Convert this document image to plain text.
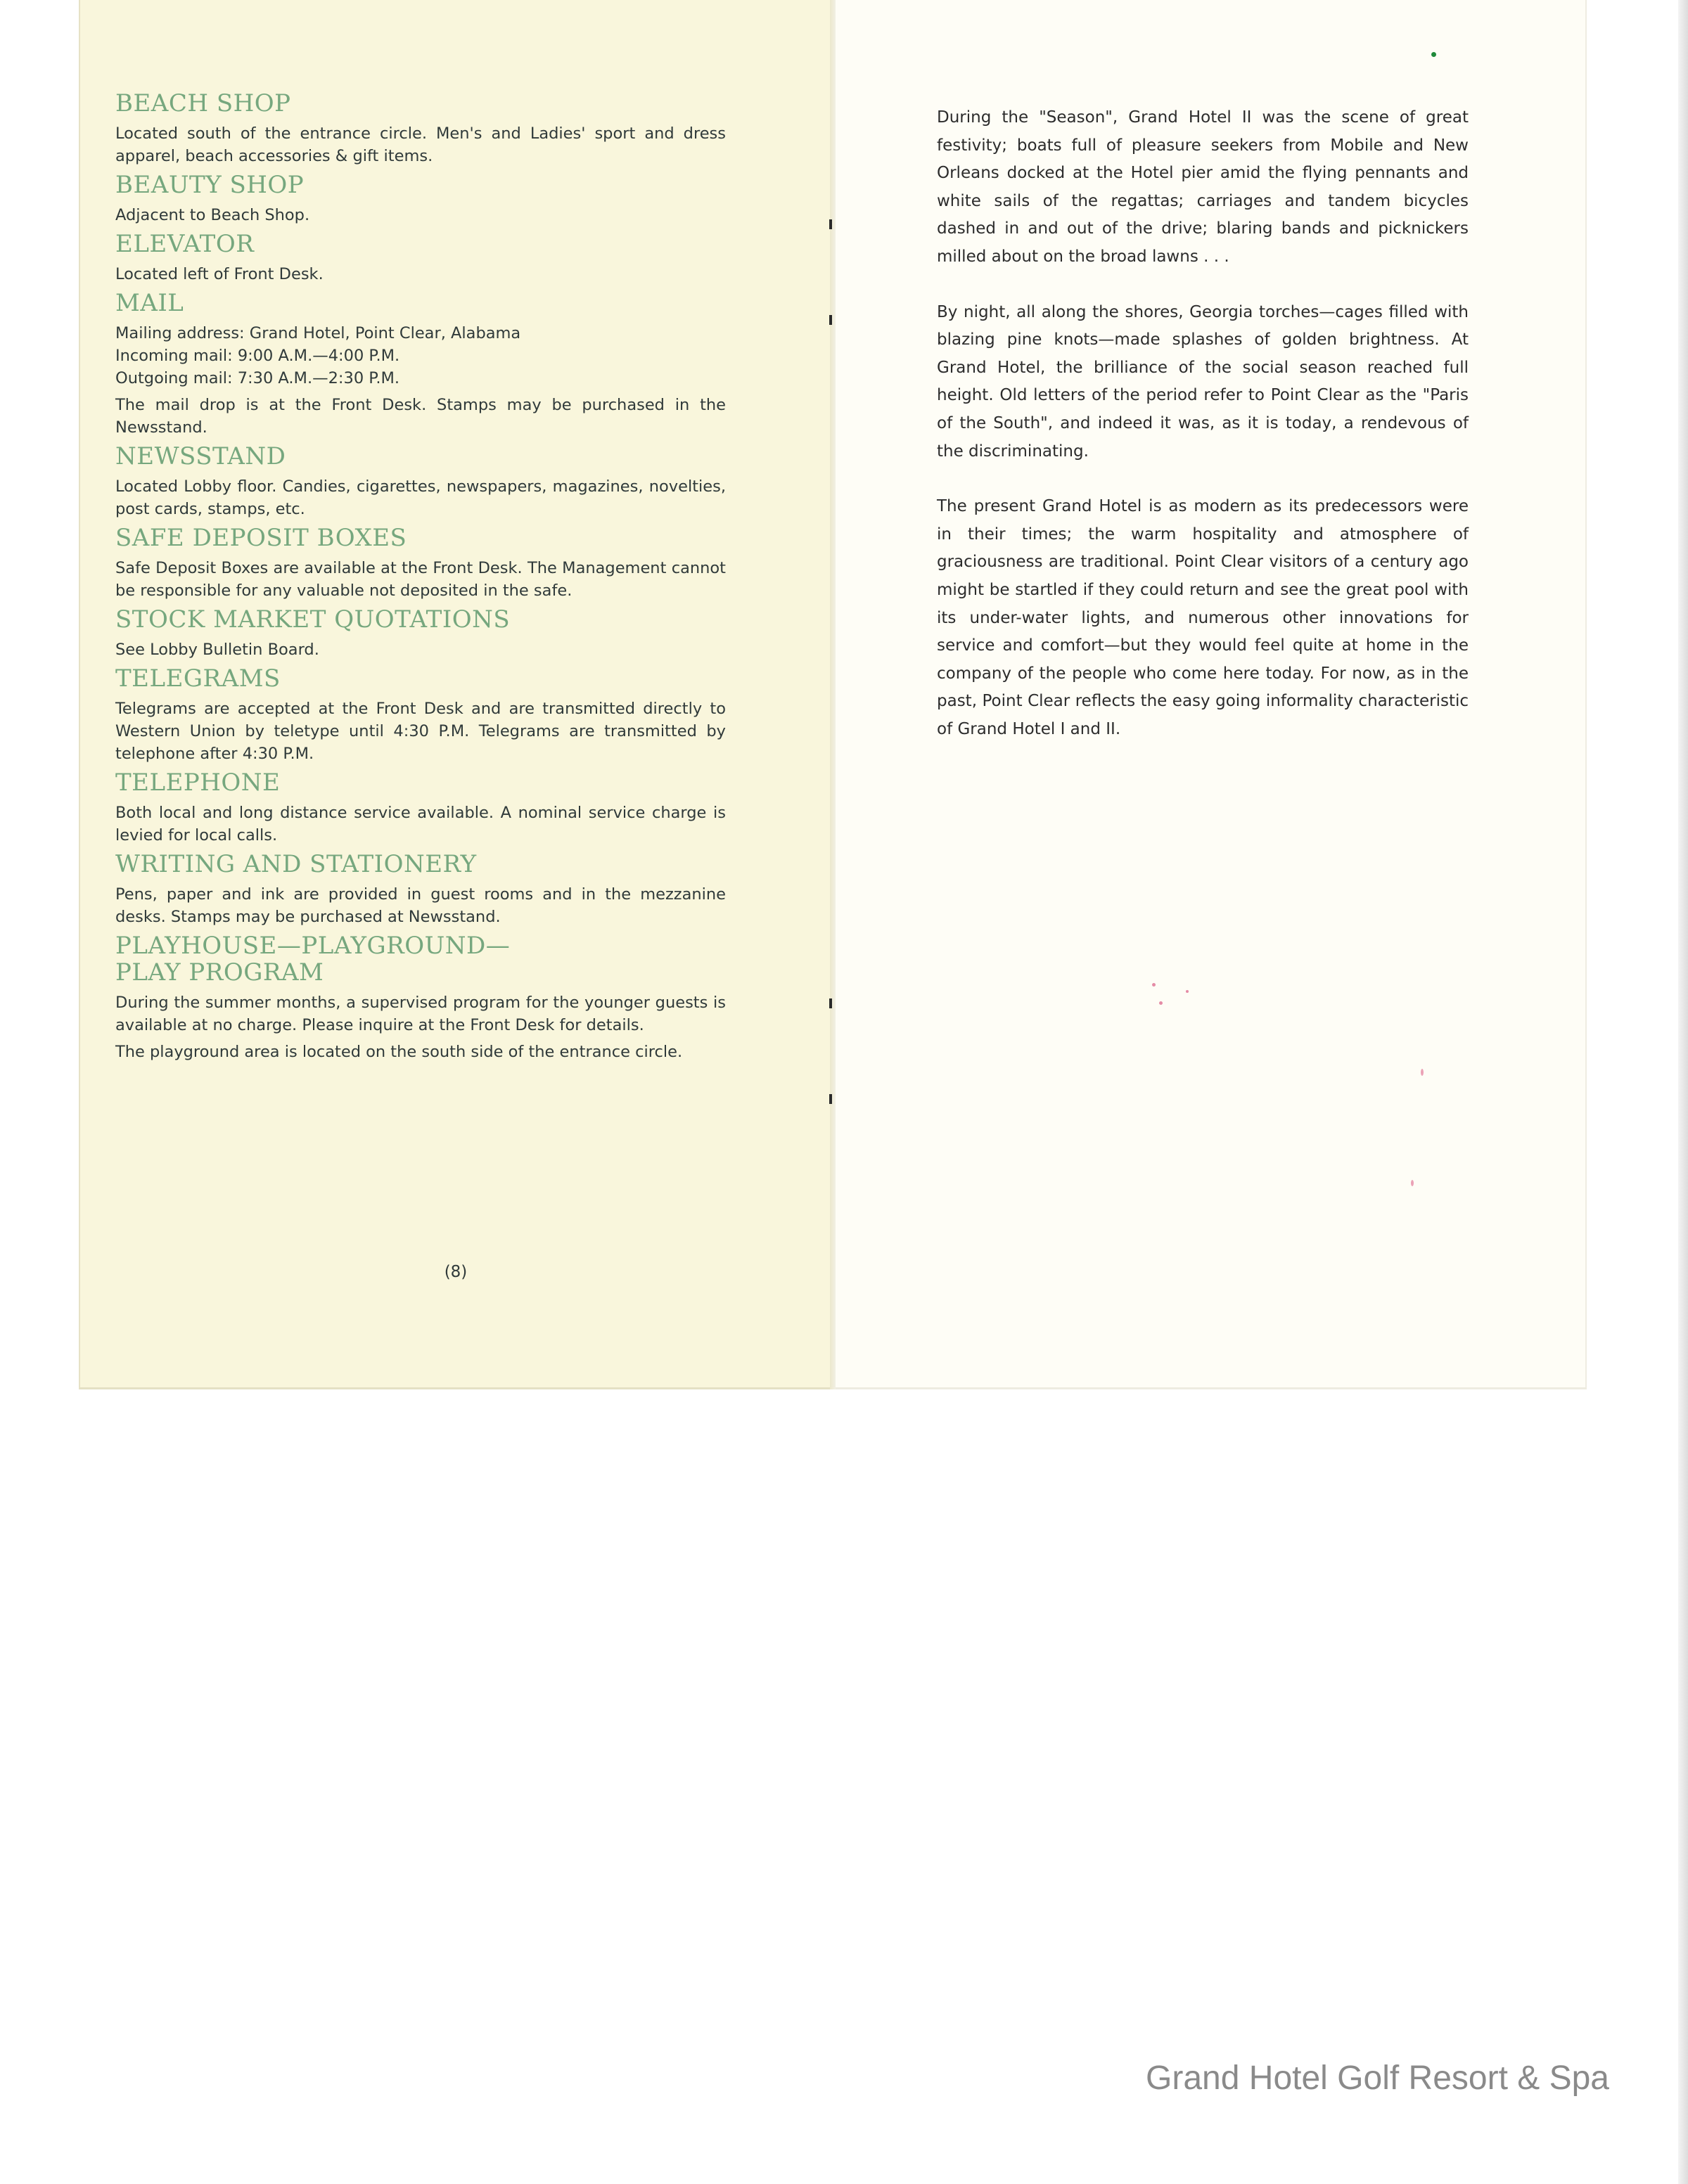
BEACH SHOP
Located south of the entrance circle. Men's and Ladies' sport and dress apparel, beach accessories & gift items.
BEAUTY SHOP
Adjacent to Beach Shop.
ELEVATOR
Located left of Front Desk.
MAIL
Mailing address: Grand Hotel, Point Clear, Alabama
Incoming mail: 9:00 A.M.—4:00 P.M.
Outgoing mail: 7:30 A.M.—2:30 P.M.
The mail drop is at the Front Desk. Stamps may be purchased in the Newsstand.
NEWSSTAND
Located Lobby floor. Candies, cigarettes, newspapers, magazines, novelties, post cards, stamps, etc.
SAFE DEPOSIT BOXES
Safe Deposit Boxes are available at the Front Desk. The Management cannot be responsible for any valuable not deposited in the safe.
STOCK MARKET QUOTATIONS
See Lobby Bulletin Board.
TELEGRAMS
Telegrams are accepted at the Front Desk and are transmitted directly to Western Union by teletype until 4:30 P.M. Telegrams are transmitted by telephone after 4:30 P.M.
TELEPHONE
Both local and long distance service available. A nominal service charge is levied for local calls.
WRITING AND STATIONERY
Pens, paper and ink are provided in guest rooms and in the mezzanine desks. Stamps may be purchased at Newsstand.
PLAYHOUSE—PLAYGROUND—
PLAY PROGRAM
During the summer months, a supervised program for the younger guests is available at no charge. Please inquire at the Front Desk for details.
The playground area is located on the south side of the entrance circle.
(8)

During the "Season", Grand Hotel II was the scene of great festivity; boats full of pleasure seekers from Mobile and New Orleans docked at the Hotel pier amid the flying pennants and white sails of the regattas; carriages and tandem bicycles dashed in and out of the drive; blaring bands and picknickers milled about on the broad lawns . . .

By night, all along the shores, Georgia torches—cages filled with blazing pine knots—made splashes of golden brightness. At Grand Hotel, the brilliance of the social season reached full height. Old letters of the period refer to Point Clear as the "Paris of the South", and indeed it was, as it is today, a rendevous of the discriminating.

The present Grand Hotel is as modern as its predecessors were in their times; the warm hospitality and atmosphere of graciousness are traditional. Point Clear visitors of a century ago might be startled if they could return and see the great pool with its under-water lights, and numerous other innovations for service and comfort—but they would feel quite at home in the company of the people who come here today. For now, as in the past, Point Clear reflects the easy going informality characteristic of Grand Hotel I and II.

Grand Hotel Golf Resort & Spa
